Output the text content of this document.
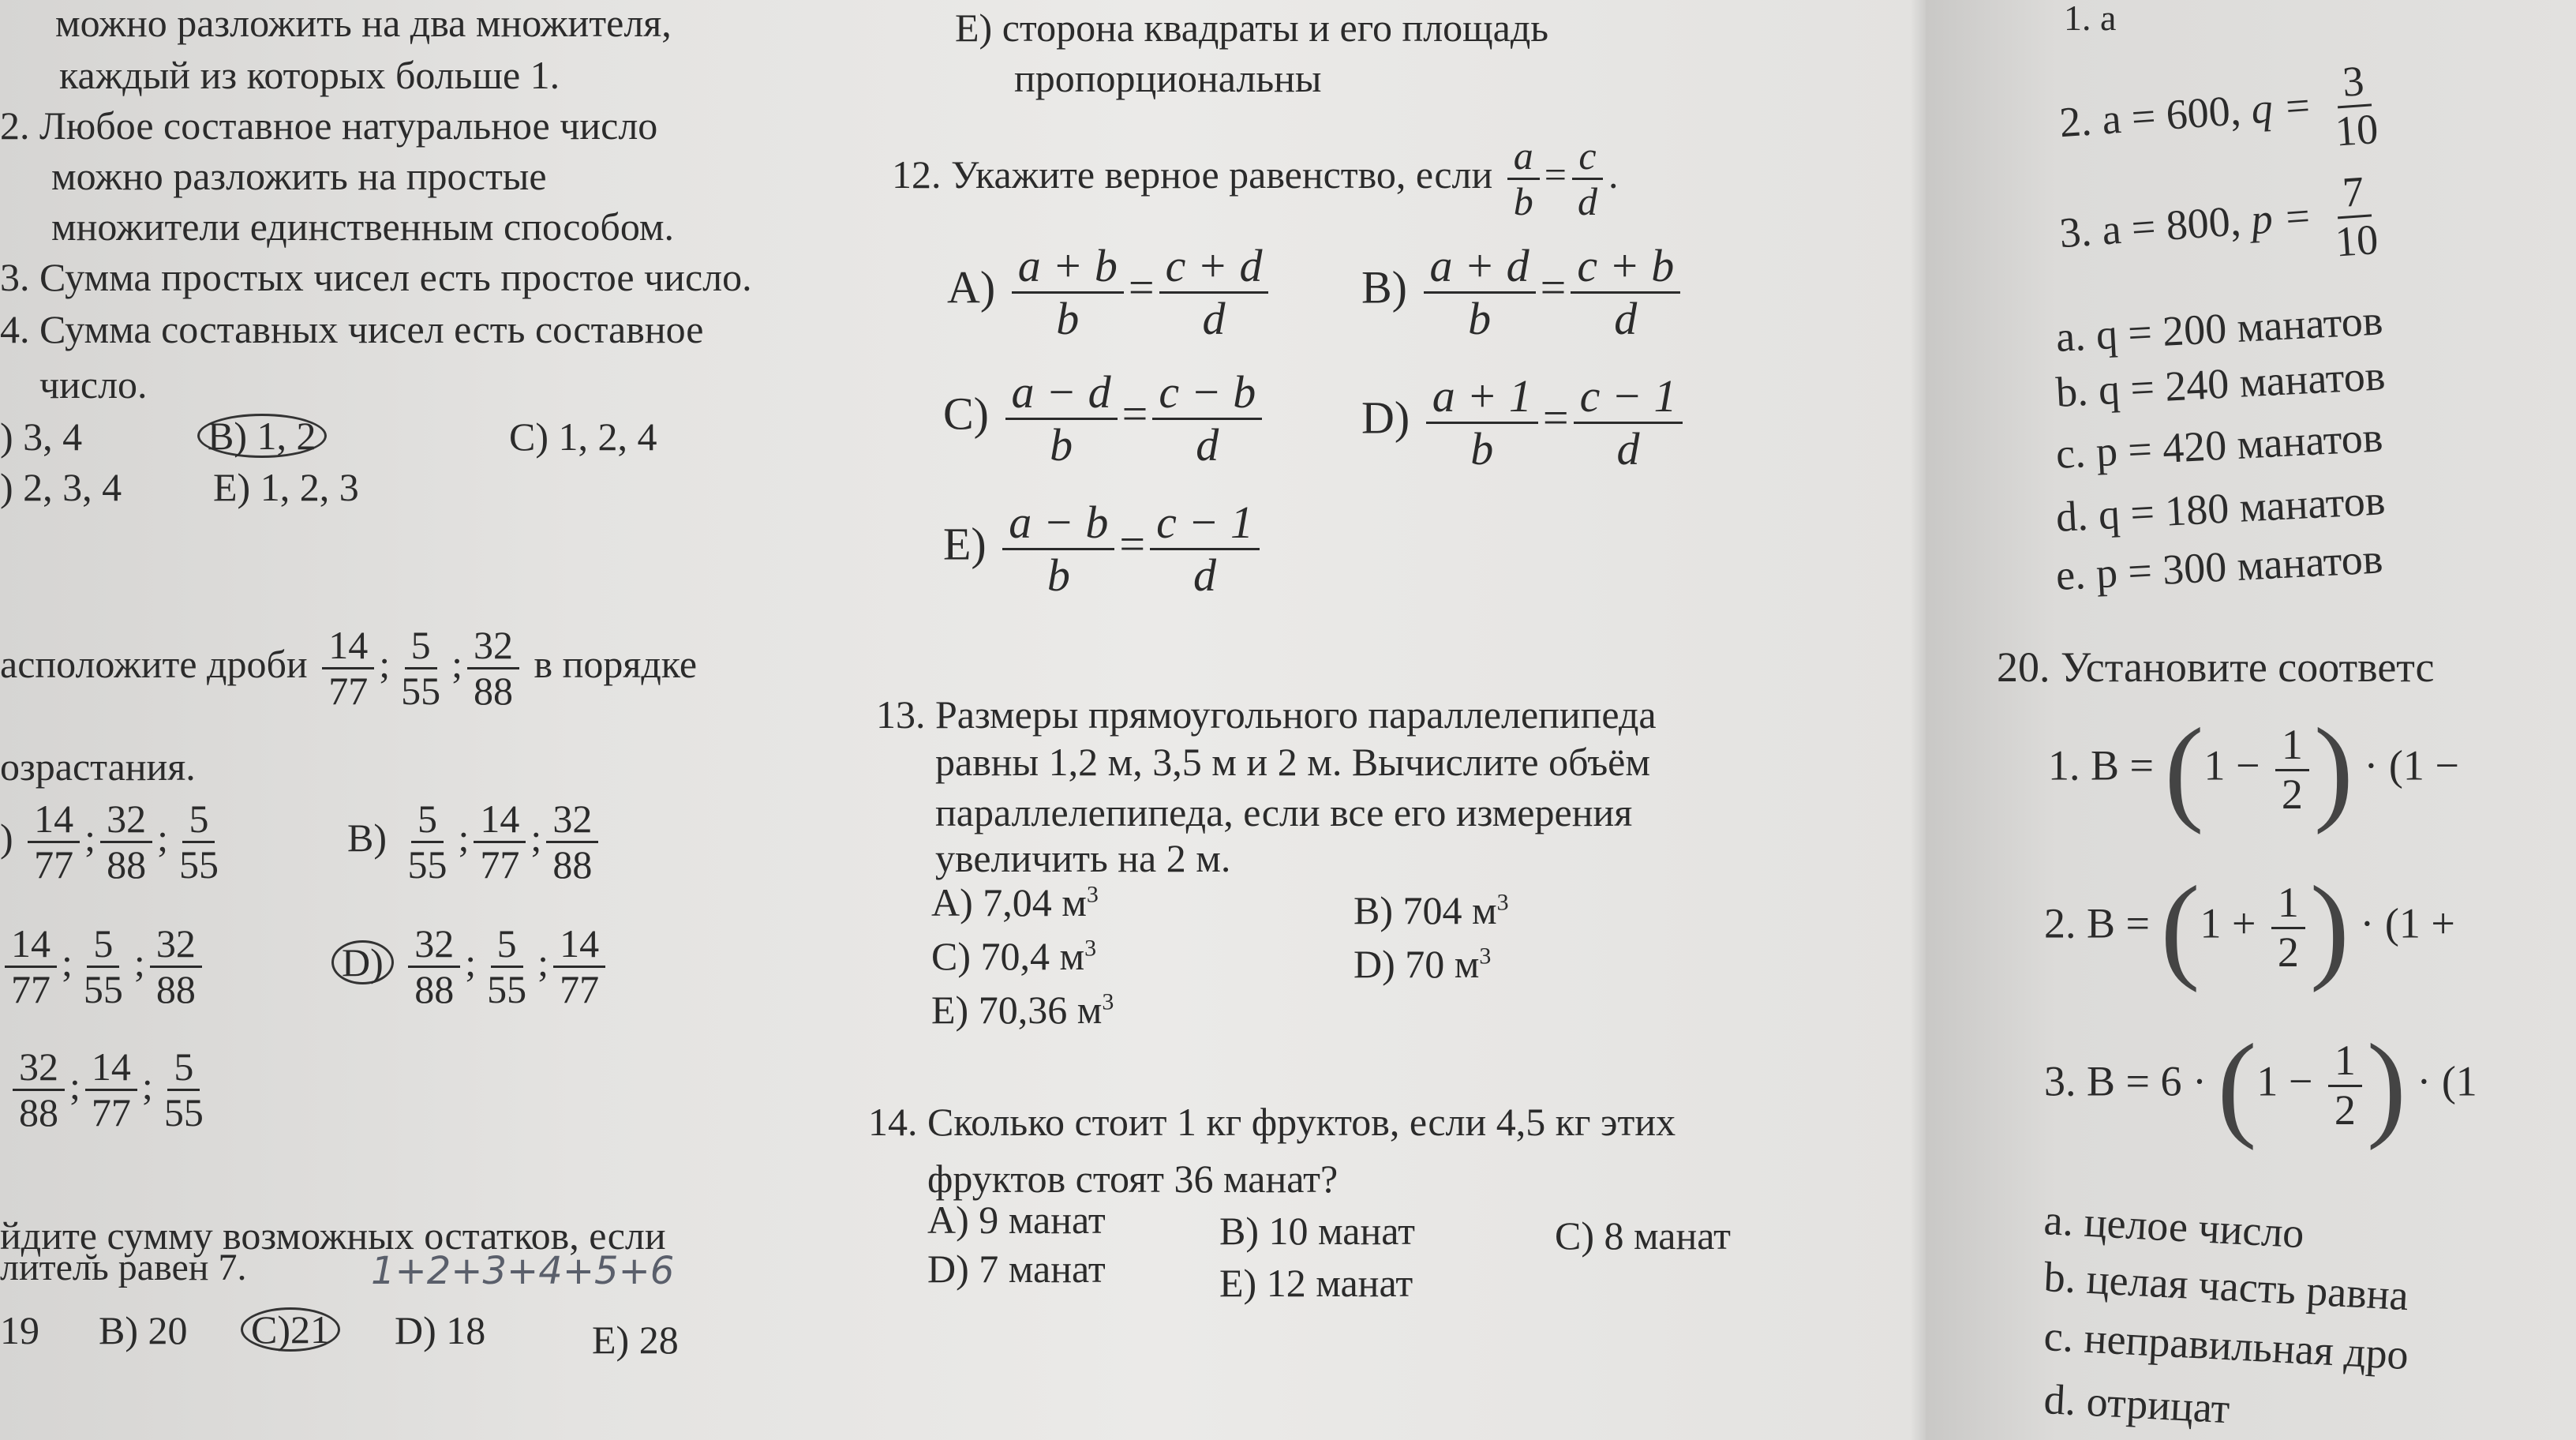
можно разложить на два множителя,
каждый из которых больше 1.
2. Любое составное натуральное число
можно разложить на простые
множители единственным способом.
3. Сумма простых чисел есть простое число.
4. Сумма составных чисел есть составное
число.
) 3, 4	B) 1, 2	C) 1, 2, 4
) 2, 3, 4 E) 1, 2, 3
асположите дроби $\frac{14}{77}$ ; $\frac{5}{55}$ ; $\frac{32}{88}$ в порядке
озрастания.
) $\frac{14}{77}$ ; $\frac{32}{88}$ ; $\frac{5}{55}$	$B) \frac{5}{55}$ ; $\frac{14}{77}$ ; $\frac{32}{88}$
$\frac{14}{77}$ ; $\frac{5}{55}$ ; $\frac{32}{88}$	$D) \frac{32}{88}$ ; $\frac{5}{55}$ ; $\frac{14}{77}$
$\frac{32}{88}$ ; $\frac{14}{77}$ ; $\frac{5}{55}$
йдите сумму возможных остатков, если
лител̆ь равен 7.	1+2+3+4+5+6
19 B) 20 C)21 D) 18	E) 28
E) сторона квадраты и его площадь
пропорциональны
12. Укажите верное равенство, если $\frac{a}{b} = \frac{c}{d}$ .
$A) \frac{a + b}{b} = \frac{c + d}{d} B) \frac{a + d}{b} = \frac{c + b}{d}$
$C) \frac{a - d}{b} = \frac{c - b}{d} D) \frac{a + 1}{b} = \frac{c - 1}{d}$
$E) \frac{a - b}{b} = \frac{c - 1}{d}$
13. Размеры прямоугольного параллелепипеда
равны 1,2 м, 3,5 м и 2 м. Вычислите объём
параллелепипеда, если все его измерения
увеличить на 2 м.
A) 7,04 $м^3$	B) 704 $м^3$
C) 70,4 $м^3$	D) 70 $м^3$
E) 70,36 $м^3$
14. Сколько стоит 1 кг фруктов, если 4,5 кг этих
фруктов стоят 36 манат?
A) 9 манат	B) 10 манат	C) 8 манат
D) 7 манат	E) 12 манат
1. a
2. a = 600, $q = \frac{3}{10}$
3. a = 800, $p = \frac{7}{10}$
a. q = 200 манатов
b. q = 240 манатов
c. p = 420 манатов
d. q = 180 манатов
e. p = 300 манатов
20. Установите соответс
1. $B = (1 - \frac{1}{2}$ ) · (1 −
2. $B = (1 + \frac{1}{2}$ ) · (1 +
3. $B = 6 \cdot (1 - \frac{1}{2}$ ) · (1
a. целое число
b. целая часть равна
c. неправильная дро
d. отрицат
